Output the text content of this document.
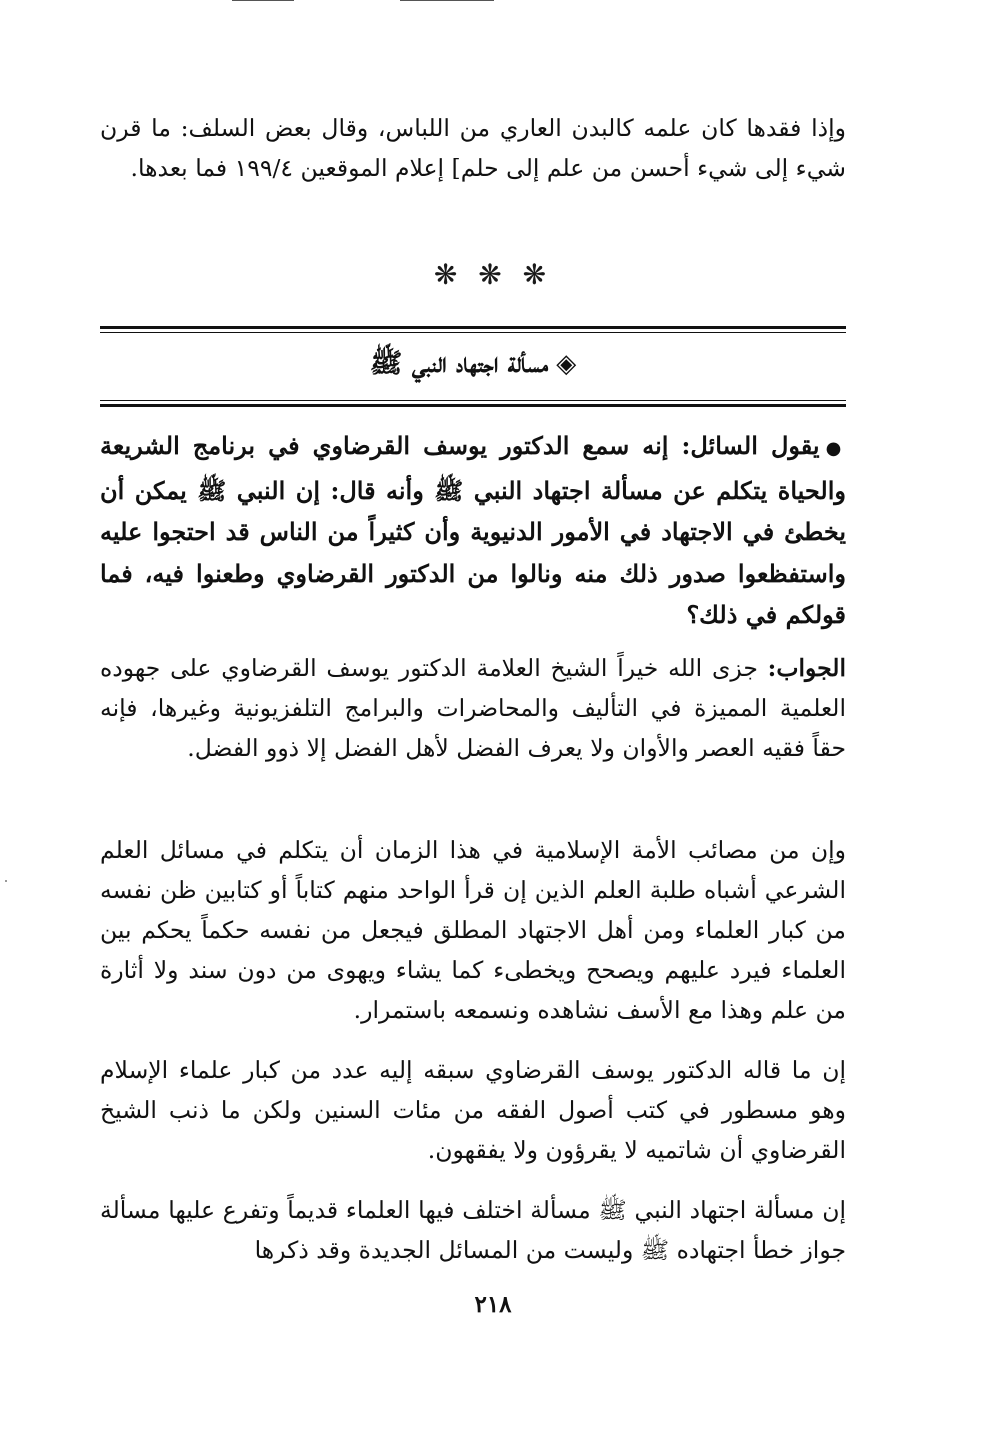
وإذا فقدها كان علمه كالبدن العاري من اللباس، وقال بعض السلف: ما قرن شيء إلى شيء أحسن من علم إلى حلم] إعلام الموقعين ١٩٩/٤ فما بعدها.

❋ ❋ ❋
◈مسألة اجتهاد النبي ﷺ

●يقول السائل: إنه سمع الدكتور يوسف القرضاوي في برنامج الشريعة والحياة يتكلم عن مسألة اجتهاد النبي ﷺ وأنه قال: إن النبي ﷺ يمكن أن يخطئ في الاجتهاد في الأمور الدنيوية وأن كثيراً من الناس قد احتجوا عليه واستفظعوا صدور ذلك منه ونالوا من الدكتور القرضاوي وطعنوا فيه، فما قولكم في ذلك؟

الجواب: جزى الله خيراً الشيخ العلامة الدكتور يوسف القرضاوي على جهوده العلمية المميزة في التأليف والمحاضرات والبرامج التلفزيونية وغيرها، فإنه حقاً فقيه العصر والأوان ولا يعرف الفضل لأهل الفضل إلا ذوو الفضل.

وإن من مصائب الأمة الإسلامية في هذا الزمان أن يتكلم في مسائل العلم الشرعي أشباه طلبة العلم الذين إن قرأ الواحد منهم كتاباً أو كتابين ظن نفسه من كبار العلماء ومن أهل الاجتهاد المطلق فيجعل من نفسه حكماً يحكم بين العلماء فيرد عليهم ويصحح ويخطىء كما يشاء ويهوى من دون سند ولا أثارة من علم وهذا مع الأسف نشاهده ونسمعه باستمرار.

إن ما قاله الدكتور يوسف القرضاوي سبقه إليه عدد من كبار علماء الإسلام وهو مسطور في كتب أصول الفقه من مئات السنين ولكن ما ذنب الشيخ القرضاوي أن شاتميه لا يقرؤون ولا يفقهون.

إن مسألة اجتهاد النبي ﷺ مسألة اختلف فيها العلماء قديماً وتفرع عليها مسألة جواز خطأ اجتهاده ﷺ وليست من المسائل الجديدة وقد ذكرها

٢١٨
